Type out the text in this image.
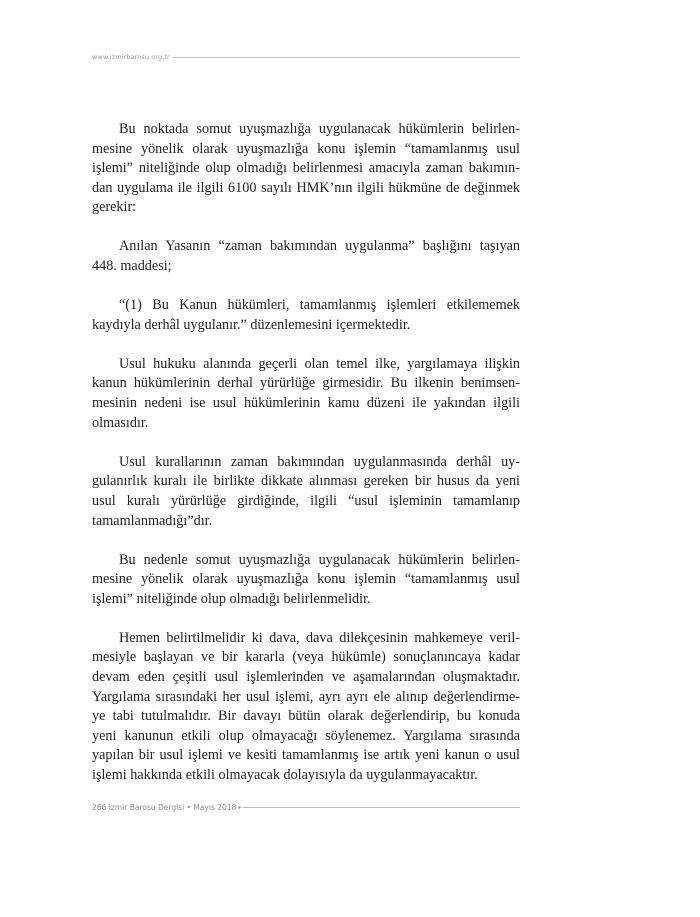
www.izmirbarosu.org.tr

Bu noktada somut uyuşmazlığa uygulanacak hükümlerin belirlen-
mesine yönelik olarak uyuşmazlığa konu işlemin “tamamlanmış usul
işlemi” niteliğinde olup olmadığı belirlenmesi amacıyla zaman bakımın-
dan uygulama ile ilgili 6100 sayılı HMK’nın ilgili hükmüne de değinmek
gerekir:

Anılan Yasanın “zaman bakımından uygulanma” başlığını taşıyan
448. maddesi;

“(1) Bu Kanun hükümleri, tamamlanmış işlemleri etkilememek
kaydıyla derhâl uygulanır.” düzenlemesini içermektedir.

Usul hukuku alanında geçerli olan temel ilke, yargılamaya ilişkin
kanun hükümlerinin derhal yürürlüğe girmesidir. Bu ilkenin benimsen-
mesinin nedeni ise usul hükümlerinin kamu düzeni ile yakından ilgili
olmasıdır.

Usul kurallarının zaman bakımından uygulanmasında derhâl uy-
gulanırlık kuralı ile birlikte dikkate alınması gereken bir husus da yeni
usul kuralı yürürlüğe girdiğinde, ilgili “usul işleminin tamamlanıp
tamamlanmadığı”dır.

Bu nedenle somut uyuşmazlığa uygulanacak hükümlerin belirlen-
mesine yönelik olarak uyuşmazlığa konu işlemin “tamamlanmış usul
işlemi” niteliğinde olup olmadığı belirlenmelidir.

Hemen belirtilmelidir ki dava, dava dilekçesinin mahkemeye veril-
mesiyle başlayan ve bir kararla (veya hükümle) sonuçlanıncaya kadar
devam eden çeşitli usul işlemlerinden ve aşamalarından oluşmaktadır.
Yargılama sırasındaki her usul işlemi, ayrı ayrı ele alınıp değerlendirme-
ye tabi tutulmalıdır. Bir davayı bütün olarak değerlendirip, bu konuda
yeni kanunun etkili olup olmayacağı söylenemez. Yargılama sırasında
yapılan bir usul işlemi ve kesiti tamamlanmış ise artık yeni kanun o usul
işlemi hakkında etkili olmayacak dolayısıyla da uygulanmayacaktır.

266 İzmir Barosu Dergisi • Mayıs 2018 ▸
